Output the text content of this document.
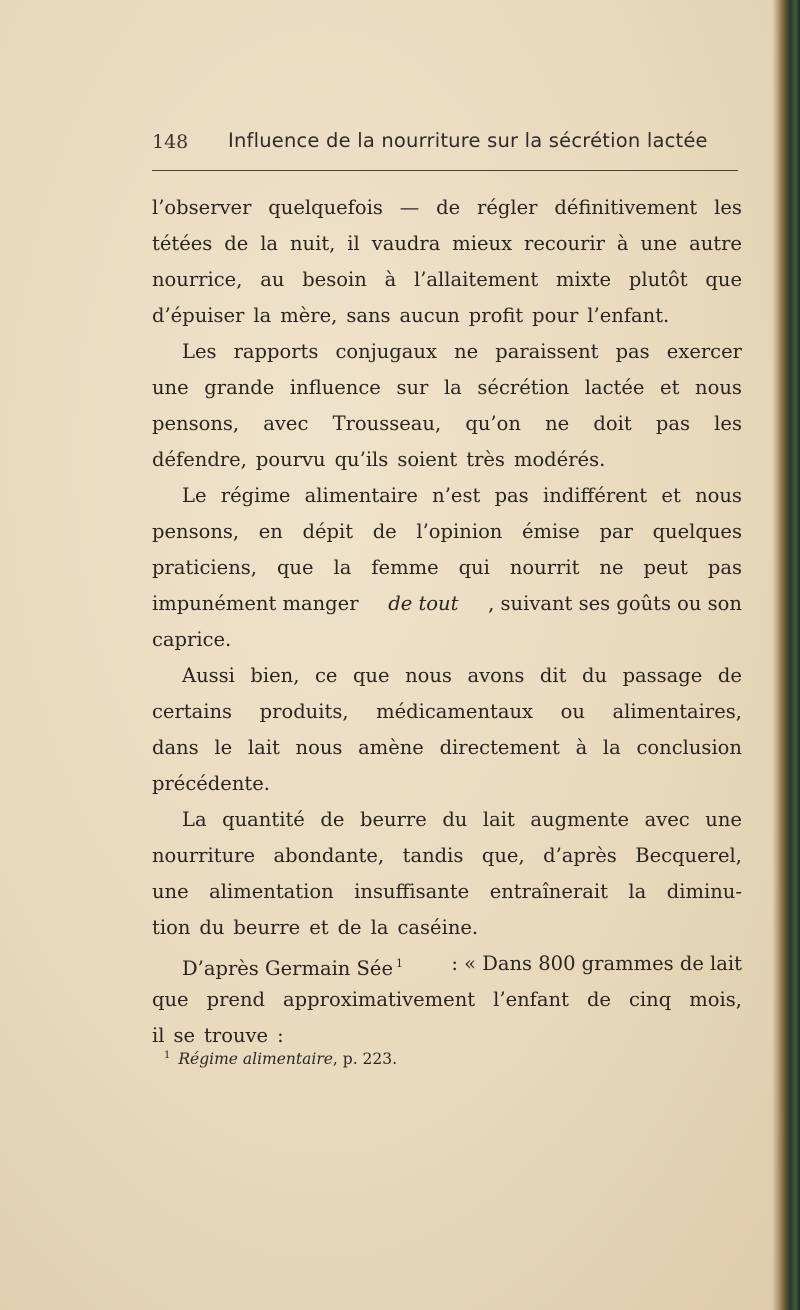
148 Influence de la nourriture sur la sécrétion lactée
l’observer quelquefois — de régler définitivement les
tétées de la nuit, il vaudra mieux recourir à une autre
nourrice, au besoin à l’allaitement mixte plutôt que
d’épuiser la mère, sans aucun profit pour l’enfant.
Les rapports conjugaux ne paraissent pas exercer
une grande influence sur la sécrétion lactée et nous
pensons, avec Trousseau, qu’on ne doit pas les
défendre, pourvu qu’ils soient très modérés.
Le régime alimentaire n’est pas indifférent et nous
pensons, en dépit de l’opinion émise par quelques
praticiens, que la femme qui nourrit ne peut pas
impunément manger de tout , suivant ses goûts ou son
caprice.
Aussi bien, ce que nous avons dit du passage de
certains produits, médicamentaux ou alimentaires,
dans le lait nous amène directement à la conclusion
précédente.
La quantité de beurre du lait augmente avec une
nourriture abondante, tandis que, d’après Becquerel,
une alimentation insuffisante entraînerait la diminu-
tion du beurre et de la caséine.
D’après Germain Sée $^1$ : « Dans 800 grammes de lait
que prend approximativement l’enfant de cinq mois,
il se trouve :
$^1$ Régime alimentaire, p. 223.
